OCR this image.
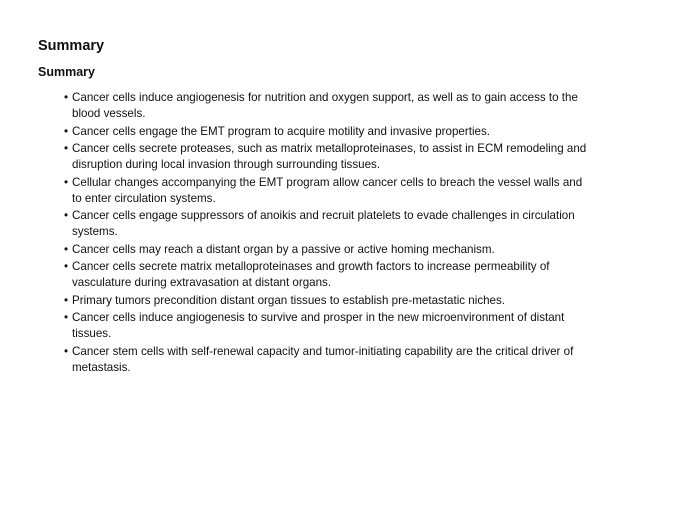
Summary
Summary
• Cancer cells induce angiogenesis for nutrition and oxygen support, as well as to gain access to the blood vessels.
• Cancer cells engage the EMT program to acquire motility and invasive properties.
• Cancer cells secrete proteases, such as matrix metalloproteinases, to assist in ECM remodeling and disruption during local invasion through surrounding tissues.
• Cellular changes accompanying the EMT program allow cancer cells to breach the vessel walls and to enter circulation systems.
• Cancer cells engage suppressors of anoikis and recruit platelets to evade challenges in circulation systems.
• Cancer cells may reach a distant organ by a passive or active homing mechanism.
• Cancer cells secrete matrix metalloproteinases and growth factors to increase permeability of vasculature during extravasation at distant organs.
• Primary tumors precondition distant organ tissues to establish pre-metastatic niches.
• Cancer cells induce angiogenesis to survive and prosper in the new microenvironment of distant tissues.
• Cancer stem cells with self-renewal capacity and tumor-initiating capability are the critical driver of metastasis.
